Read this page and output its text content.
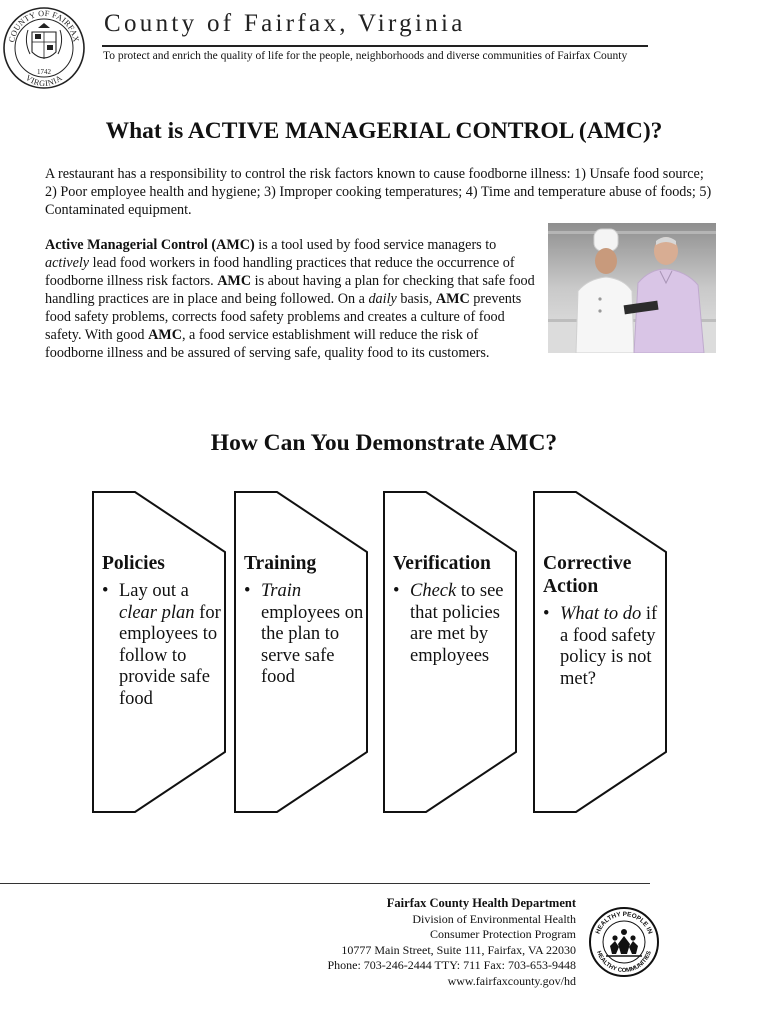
COUNTY OF FAIRFAX
VIRGINIA
1742
County of Fairfax, Virginia
To protect and enrich the quality of life for the people, neighborhoods and diverse communities of Fairfax County
What is ACTIVE MANAGERIAL CONTROL (AMC)?

A restaurant has a responsibility to control the risk factors known to cause foodborne illness: 1) Unsafe food source; 2) Poor employee health and hygiene; 3) Improper cooking temperatures; 4) Time and temperature abuse of foods; 5) Contaminated equipment.

Active Managerial Control (AMC) is a tool used by food service managers to actively lead food workers in food handling practices that reduce the occurrence of foodborne illness risk factors. AMC is about having a plan for checking that safe food handling practices are in place and being followed. On a daily basis, AMC prevents food safety problems, corrects food safety problems and creates a culture of food safety. With good AMC, a food service establishment will reduce the risk of foodborne illness and be assured of serving safe, quality food to its customers.

How Can You Demonstrate AMC?
Policies
• Lay out a clear plan for employees to follow to provide safe food
Training
• Train employees on the plan to serve safe food
Verification
• Check to see that policies are met by employees
Corrective Action
• What to do if a food safety policy is not met?
Fairfax County Health Department
Division of Environmental Health
Consumer Protection Program
10777 Main Street, Suite 111, Fairfax, VA 22030
Phone: 703-246-2444 TTY: 711 Fax: 703-653-9448
www.fairfaxcounty.gov/hd
HEALTHY PEOPLE IN
HEALTHY COMMUNITIES
